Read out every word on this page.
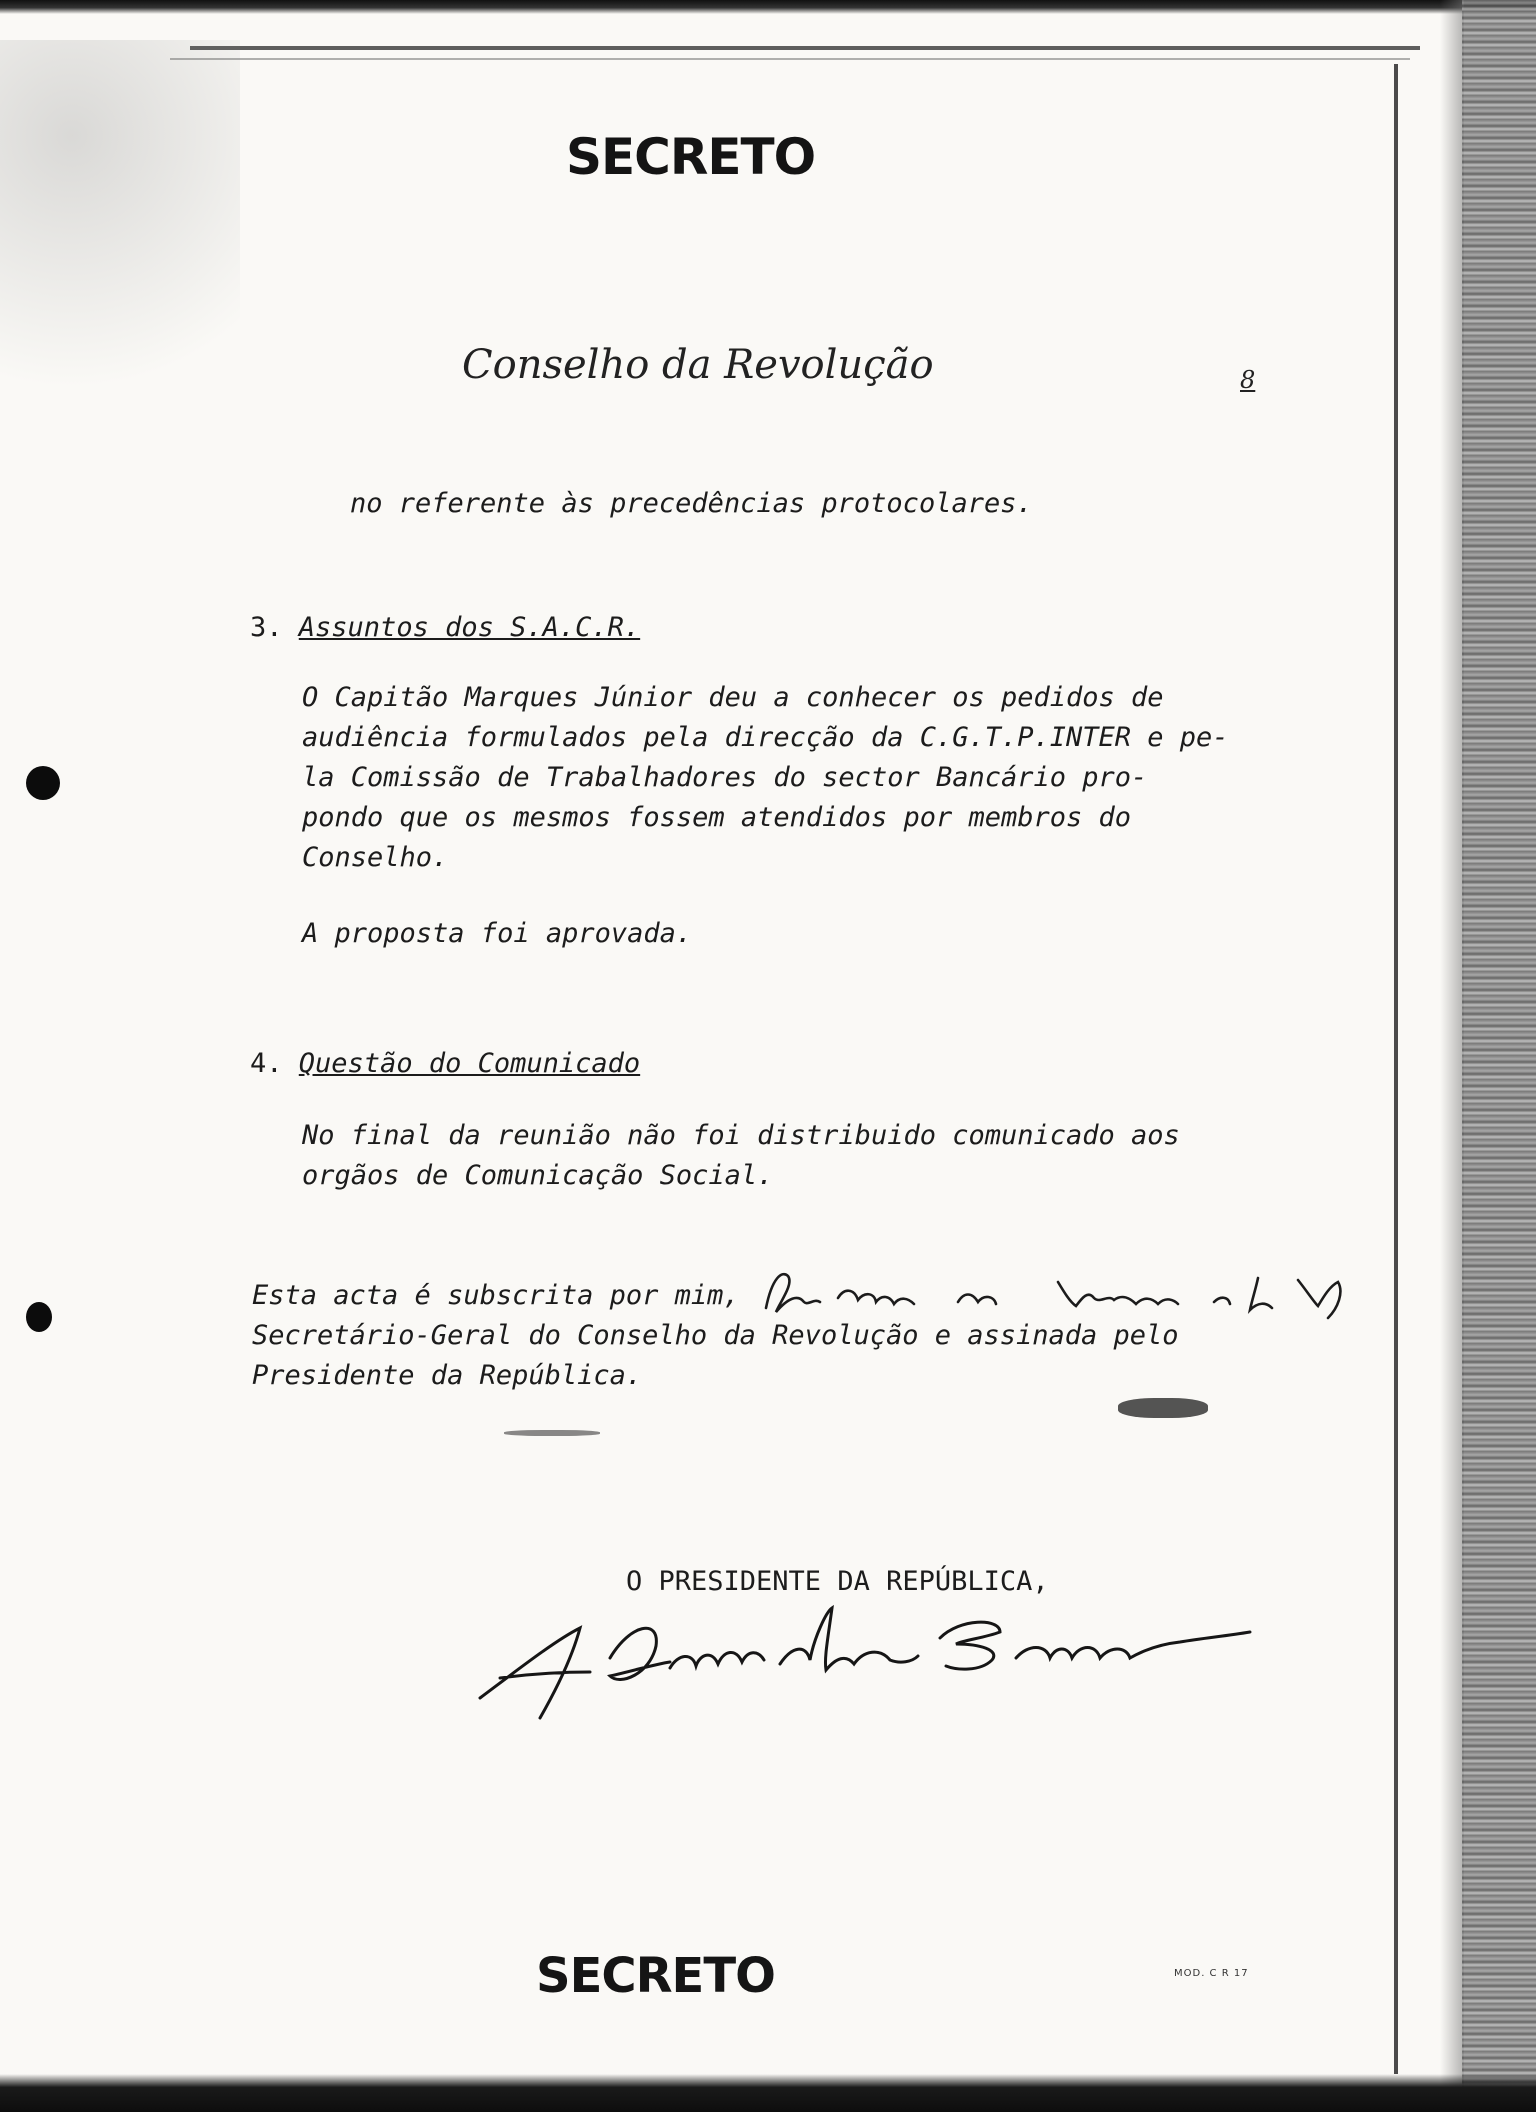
SECRETO
Conselho da Revolução	8
no referente às precedências protocolares.
3. Assuntos dos S.A.C.R.
O Capitão Marques Júnior deu a conhecer os pedidos de
audiência formulados pela direcção da C.G.T.P.INTER e pe-
la Comissão de Trabalhadores do sector Bancário pro-
pondo que os mesmos fossem atendidos por membros do
Conselho.
A proposta foi aprovada.
4. Questão do Comunicado
No final da reunião não foi distribuido comunicado aos
orgãos de Comunicação Social.
Esta acta é subscrita por mim,
Secretário-Geral do Conselho da Revolução e assinada pelo
Presidente da República.
O PRESIDENTE DA REPÚBLICA,
SECRETO	MOD. C R 17
